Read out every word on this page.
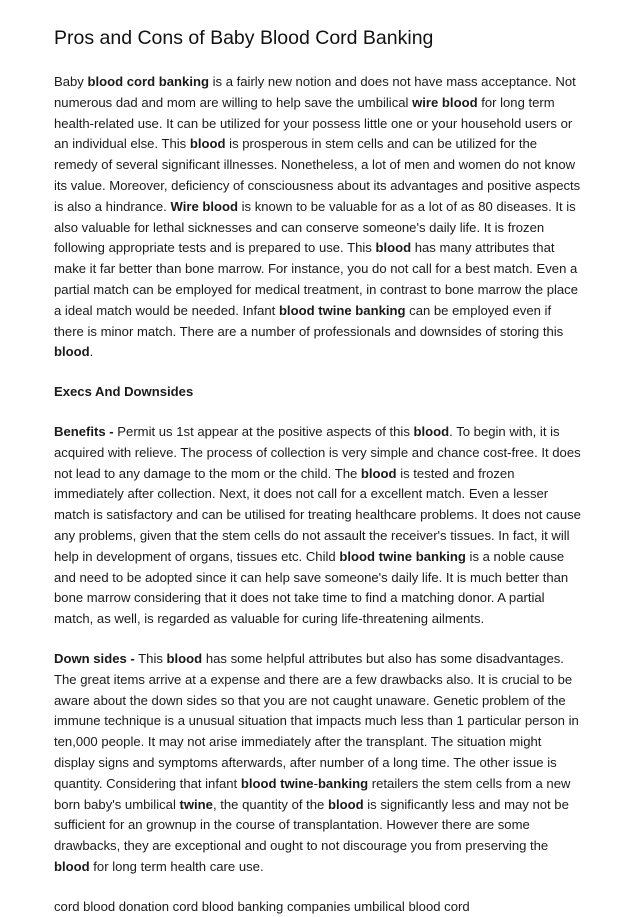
Pros and Cons of Baby Blood Cord Banking

Baby blood cord banking is a fairly new notion and does not have mass acceptance. Not numerous dad and mom are willing to help save the umbilical wire blood for long term health-related use. It can be utilized for your possess little one or your household users or an individual else. This blood is prosperous in stem cells and can be utilized for the remedy of several significant illnesses. Nonetheless, a lot of men and women do not know its value. Moreover, deficiency of consciousness about its advantages and positive aspects is also a hindrance. Wire blood is known to be valuable for as a lot of as 80 diseases. It is also valuable for lethal sicknesses and can conserve someone's daily life. It is frozen following appropriate tests and is prepared to use. This blood has many attributes that make it far better than bone marrow. For instance, you do not call for a best match. Even a partial match can be employed for medical treatment, in contrast to bone marrow the place a ideal match would be needed. Infant blood twine banking can be employed even if there is minor match. There are a number of professionals and downsides of storing this blood.

Execs And Downsides

Benefits - Permit us 1st appear at the positive aspects of this blood. To begin with, it is acquired with relieve. The process of collection is very simple and chance cost-free. It does not lead to any damage to the mom or the child. The blood is tested and frozen immediately after collection. Next, it does not call for a excellent match. Even a lesser match is satisfactory and can be utilised for treating healthcare problems. It does not cause any problems, given that the stem cells do not assault the receiver's tissues. In fact, it will help in development of organs, tissues etc. Child blood twine banking is a noble cause and need to be adopted since it can help save someone's daily life. It is much better than bone marrow considering that it does not take time to find a matching donor. A partial match, as well, is regarded as valuable for curing life-threatening ailments.

Down sides - This blood has some helpful attributes but also has some disadvantages. The great items arrive at a expense and there are a few drawbacks also. It is crucial to be aware about the down sides so that you are not caught unaware. Genetic problem of the immune technique is a unusual situation that impacts much less than 1 particular person in ten,000 people. It may not arise immediately after the transplant. The situation might display signs and symptoms afterwards, after number of a long time. The other issue is quantity. Considering that infant blood twine-banking retailers the stem cells from a new born baby's umbilical twine, the quantity of the blood is significantly less and may not be sufficient for an grownup in the course of transplantation. However there are some drawbacks, they are exceptional and ought to not discourage you from preserving the blood for long term health care use.

cord blood donation cord blood banking companies umbilical blood cord
